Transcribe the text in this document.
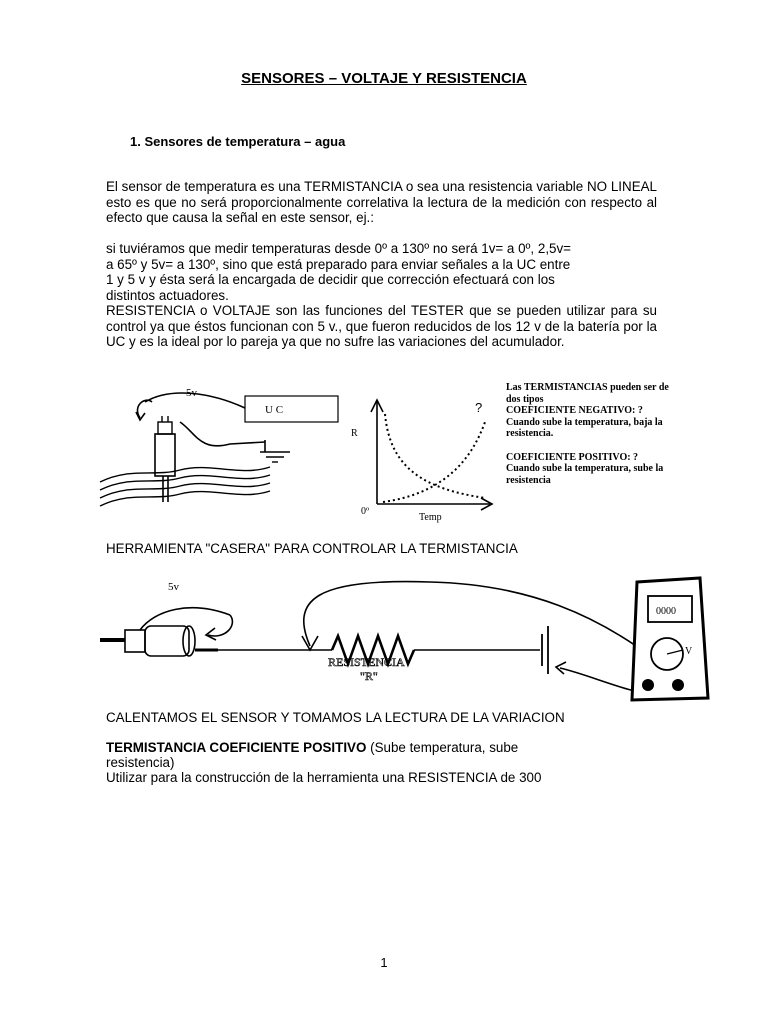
SENSORES – VOLTAJE Y RESISTENCIA
1. Sensores de temperatura – agua
El sensor de temperatura es una TERMISTANCIA o sea una resistencia variable NO LINEAL esto es que no será proporcionalmente correlativa la lectura de la medición con respecto al efecto que causa la señal en este sensor, ej.:
si tuviéramos que medir temperaturas desde 0º a 130º no será 1v= a 0º, 2,5v=
a 65º y 5v= a 130º, sino que está preparado para enviar señales a la UC entre
1 y 5 v y ésta será la encargada de decidir que corrección efectuará con los
distintos actuadores.
RESISTENCIA o VOLTAJE son las funciones del TESTER que se pueden utilizar para su control ya que éstos funcionan con 5 v., que fueron reducidos de los 12 v de la batería por la UC y es la ideal por lo pareja ya que no sufre las variaciones del acumulador.
U C
5v
R
0º
Temp
?
Las TERMISTANCIAS pueden ser de
dos tipos
COEFICIENTE NEGATIVO: ?
Cuando sube la temperatura, baja la
resistencia.
COEFICIENTE POSITIVO: ?
Cuando sube la temperatura, sube la
resistencia
HERRAMIENTA "CASERA" PARA CONTROLAR LA TERMISTANCIA
5v
RESISTENCIA
"R"
0000
V
CALENTAMOS EL SENSOR Y TOMAMOS LA LECTURA DE LA VARIACION
TERMISTANCIA COEFICIENTE POSITIVO (Sube temperatura, sube
resistencia)
Utilizar para la construcción de la herramienta una RESISTENCIA de 300
1
